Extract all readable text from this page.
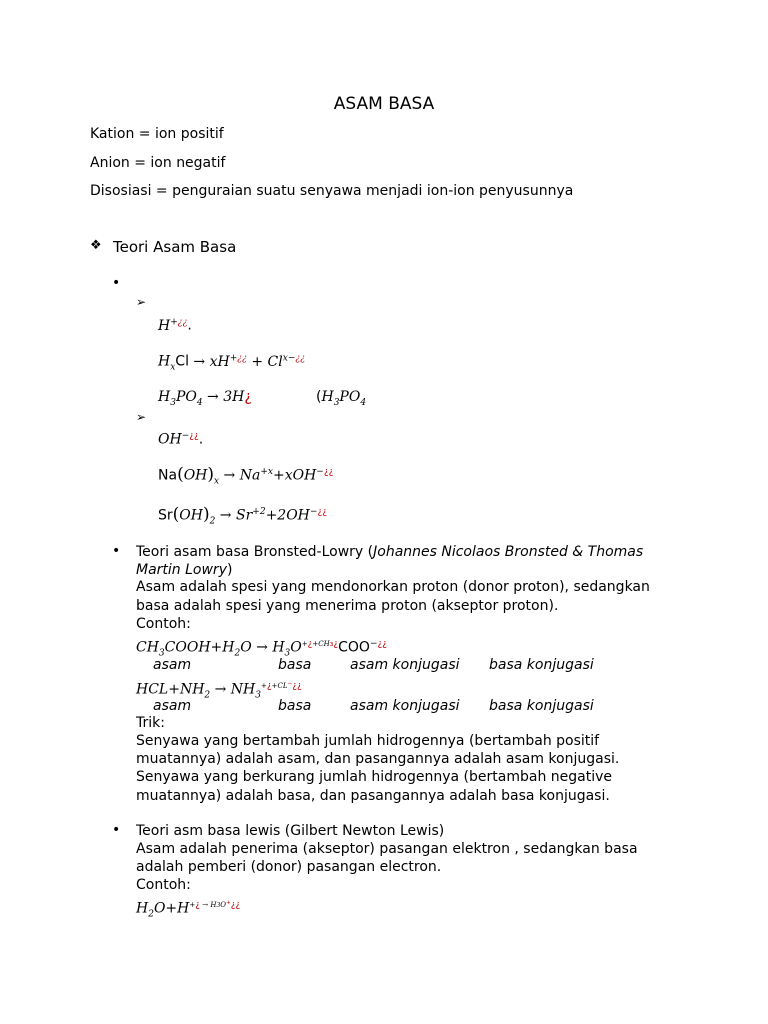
ASAM BASA
Kation = ion positif
Anion = ion negatif
Disosiasi = penguraian suatu senyawa menjadi ion-ion penyusunnya
❖ Teori Asam Basa
•
➢
H+¿¿.
$H_xCl \to xH^{+¿¿} + Cl^{x-¿¿}$
$H_3PO_4$ → 3H¿	($H_3PO_4$
➢
OH−¿¿.
$Na(OH)_x \to Na^{+x}+xOH^{-¿¿}$
$Sr(OH)_2 \to Sr^{+2}+2OH^{-¿¿}$
• Teori asam basa Bronsted-Lowry (Johannes Nicolaos Bronsted & Thomas
Martin Lowry)
Asam adalah spesi yang mendonorkan proton (donor proton), sedangkan
basa adalah spesi yang menerima proton (akseptor proton).
Contoh:
$CH_3COOH+H_2O \to H_3O^{+¿+CH_3¿}COO^{-¿¿}$
asam	basa	asam konjugasi basa konjugasi
$HCL+NH_2 \to NH_3^{+¿+CL^-¿¿}$
asam	basa	asam konjugasi basa konjugasi
Trik:
Senyawa yang bertambah jumlah hidrogennya (bertambah positif
muatannya) adalah asam, dan pasangannya adalah asam konjugasi.
Senyawa yang berkurang jumlah hidrogennya (bertambah negative
muatannya) adalah basa, dan pasangannya adalah basa konjugasi.
• Teori asm basa lewis (Gilbert Newton Lewis)
Asam adalah penerima (akseptor) pasangan elektron , sedangkan basa
adalah pemberi (donor) pasangan electron.
Contoh:
$H_2O+H^{+¿}$ $^{\to H3O^+¿¿}$
